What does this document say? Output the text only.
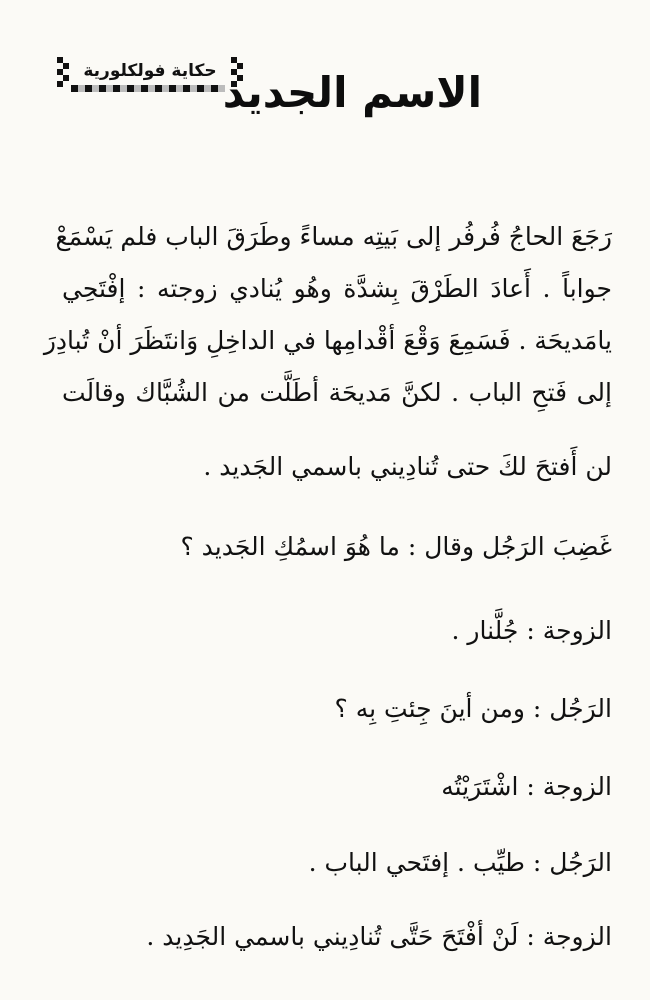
حكاية فولكلورية الاسم الجديد
رَجَعَ الحاجُ فُرفُر إلى بَيتِه مساءً وطَرَقَ الباب فلم يَسْمَعْ
جواباً . أَعادَ الطَرْقَ بِشدَّة وهُو يُنادي زوجته : إفْتَحِي
يامَديحَة . فَسَمِعَ وَقْعَ أقْدامِها في الداخِلِ وَانتَظَرَ أنْ تُبادِرَ
إلى فَتحِ الباب . لكنَّ مَديحَة أطَلَّت من الشُبَّاك وقالَت
لن أَفتحَ لكَ حتى تُنادِيني باسمي الجَديد .
غَضِبَ الرَجُل وقال : ما هُوَ اسمُكِ الجَديد ؟
الزوجة : جُلَّنار .
الرَجُل : ومن أينَ جِئتِ بِه ؟
الزوجة : اشْتَرَيْتُه
الرَجُل : طيِّب . إفتَحي الباب .
الزوجة : لَنْ أفْتَحَ حَتَّى تُنادِيني باسمي الجَدِيد .
